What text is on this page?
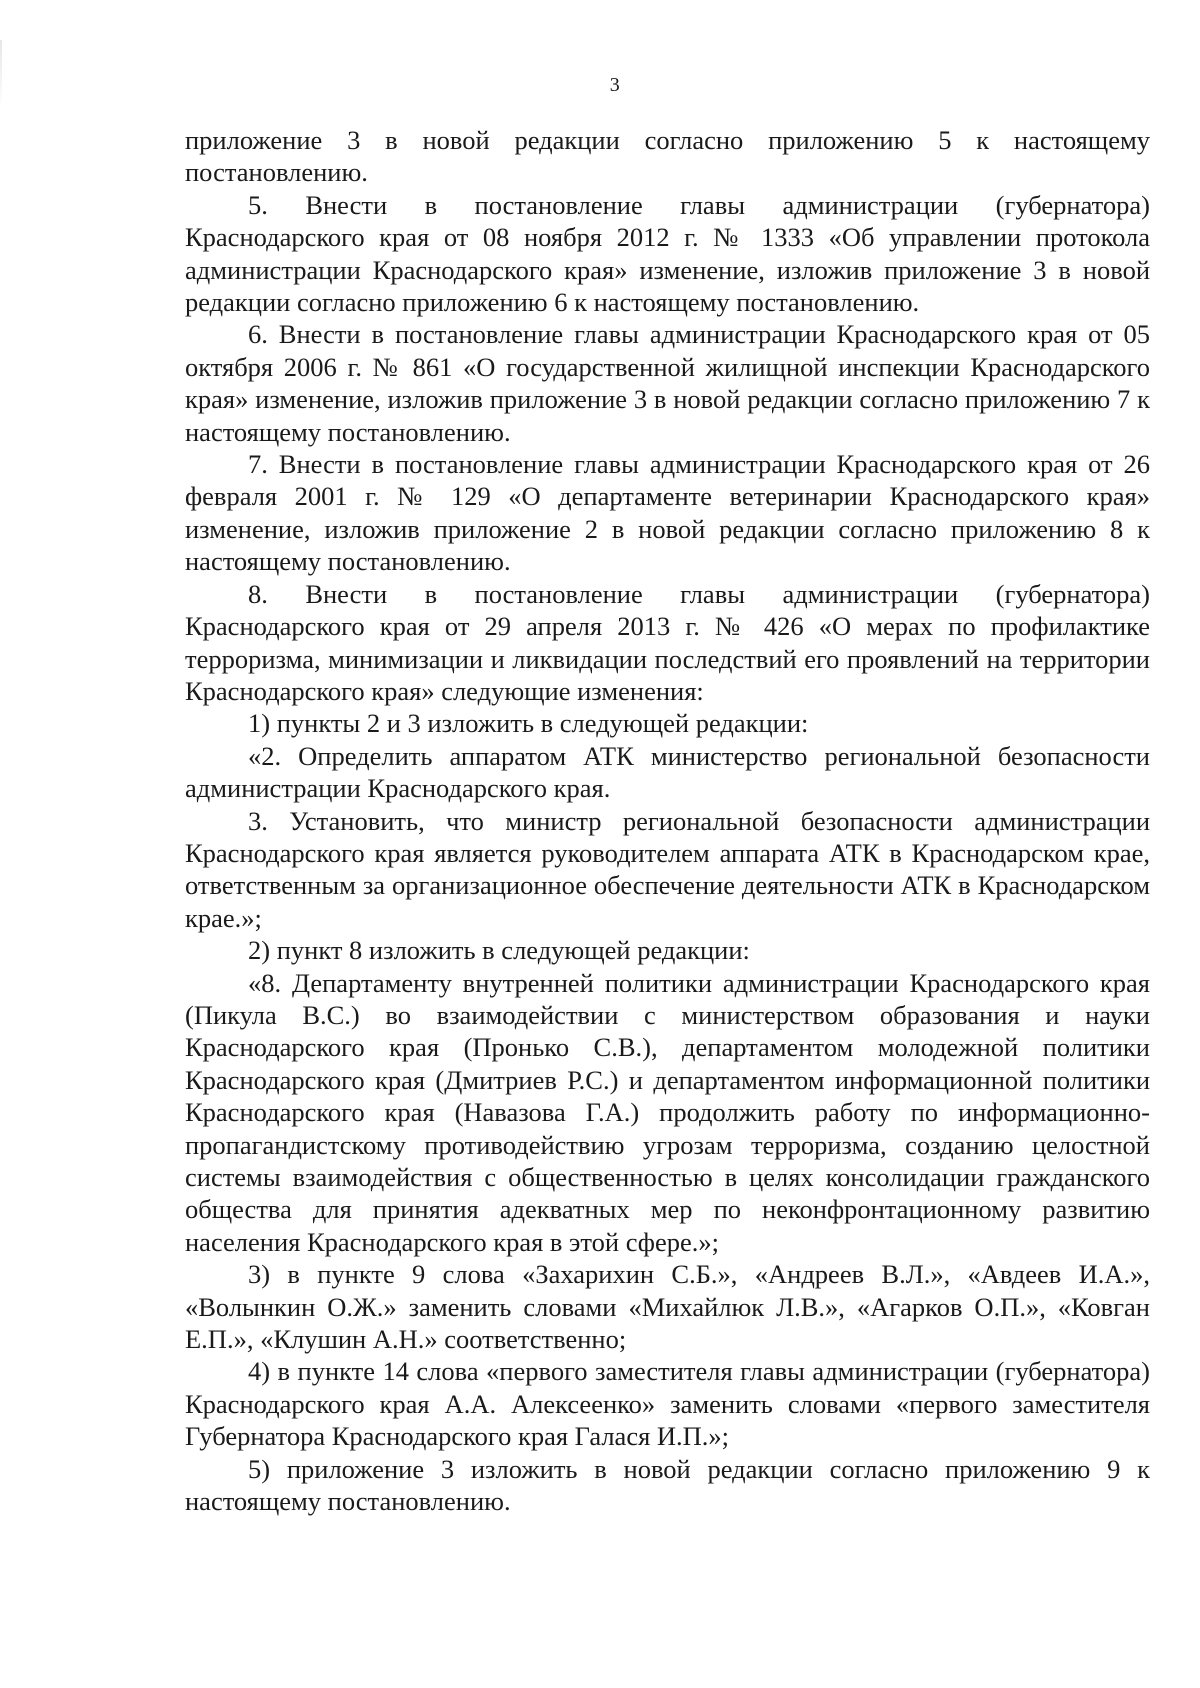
3

приложение 3 в новой редакции согласно приложению 5 к настоящему постановлению.

5. Внести в постановление главы администрации (губернатора) Краснодарского края от 08 ноября 2012 г. № 1333 «Об управлении протокола администрации Краснодарского края» изменение, изложив приложение 3 в новой редакции согласно приложению 6 к настоящему постановлению.

6. Внести в постановление главы администрации Краснодарского края от 05 октября 2006 г. № 861 «О государственной жилищной инспекции Краснодарского края» изменение, изложив приложение 3 в новой редакции согласно приложению 7 к настоящему постановлению.

7. Внести в постановление главы администрации Краснодарского края от 26 февраля 2001 г. № 129 «О департаменте ветеринарии Краснодарского края» изменение, изложив приложение 2 в новой редакции согласно приложению 8 к настоящему постановлению.

8. Внести в постановление главы администрации (губернатора) Краснодарского края от 29 апреля 2013 г. № 426 «О мерах по профилактике терроризма, минимизации и ликвидации последствий его проявлений на территории Краснодарского края» следующие изменения:

1) пункты 2 и 3 изложить в следующей редакции:

«2. Определить аппаратом АТК министерство региональной безопасности администрации Краснодарского края.

3. Установить, что министр региональной безопасности администрации Краснодарского края является руководителем аппарата АТК в Краснодарском крае, ответственным за организационное обеспечение деятельности АТК в Краснодарском крае.»;

2) пункт 8 изложить в следующей редакции:

«8. Департаменту внутренней политики администрации Краснодарского края (Пикула В.С.) во взаимодействии с министерством образования и науки Краснодарского края (Пронько С.В.), департаментом молодежной политики Краснодарского края (Дмитриев Р.С.) и департаментом информационной политики Краснодарского края (Навазова Г.А.) продолжить работу по информационно-пропагандистскому противодействию угрозам терроризма, созданию целостной системы взаимодействия с общественностью в целях консолидации гражданского общества для принятия адекватных мер по неконфронтационному развитию населения Краснодарского края в этой сфере.»;

3) в пункте 9 слова «Захарихин С.Б.», «Андреев В.Л.», «Авдеев И.А.», «Волынкин О.Ж.» заменить словами «Михайлюк Л.В.», «Агарков О.П.», «Ковган Е.П.», «Клушин А.Н.» соответственно;

4) в пункте 14 слова «первого заместителя главы администрации (губернатора) Краснодарского края А.А. Алексеенко» заменить словами «первого заместителя Губернатора Краснодарского края Галася И.П.»;

5) приложение 3 изложить в новой редакции согласно приложению 9 к настоящему постановлению.
